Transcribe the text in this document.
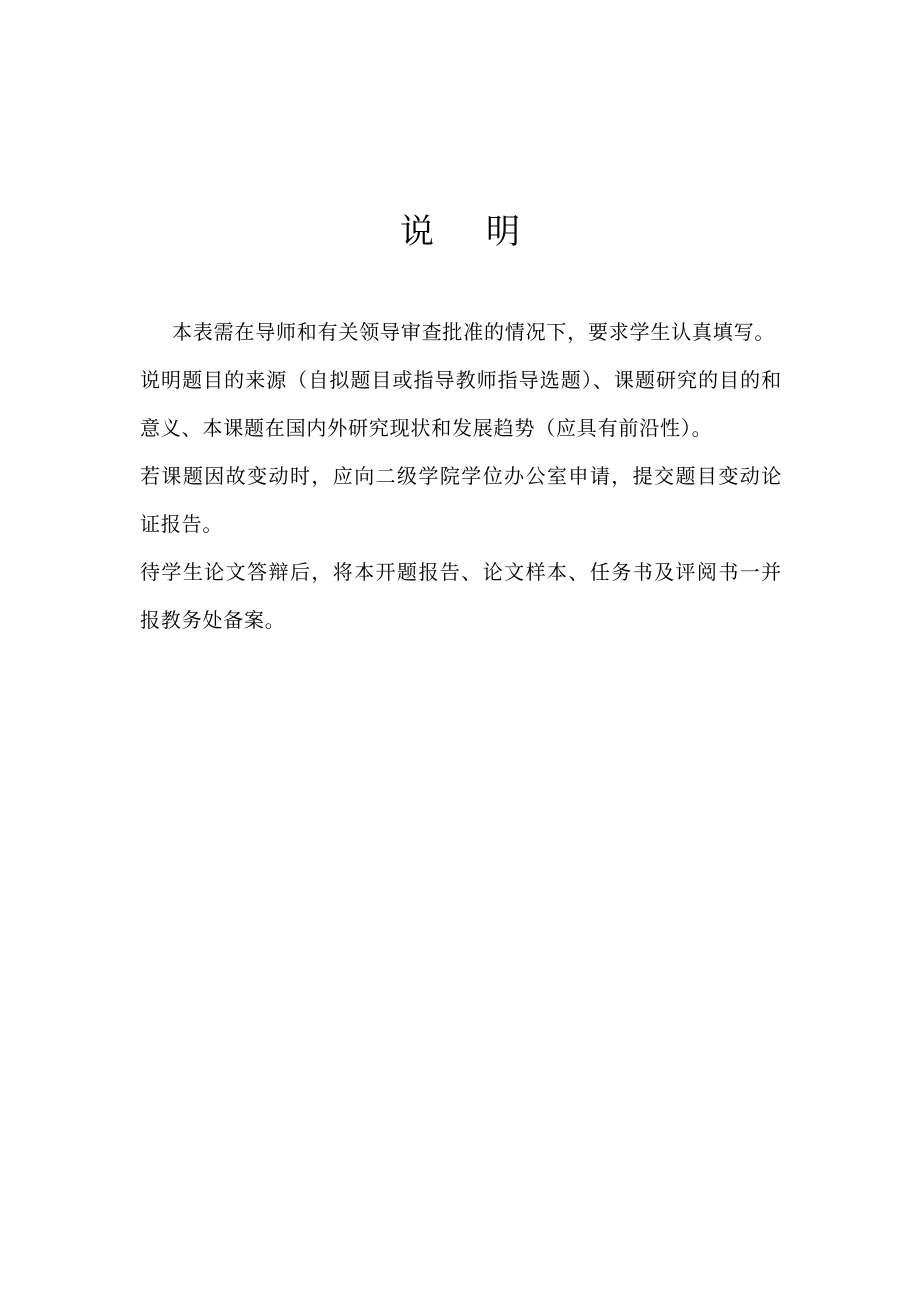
说明

本表需在导师和有关领导审查批准的情况下，要求学生认真填写。

说明题目的来源（自拟题目或指导教师指导选题）、课题研究的目的和意义、本课题在国内外研究现状和发展趋势（应具有前沿性）。

若课题因故变动时，应向二级学院学位办公室申请，提交题目变动论证报告。

待学生论文答辩后，将本开题报告、论文样本、任务书及评阅书一并报教务处备案。
